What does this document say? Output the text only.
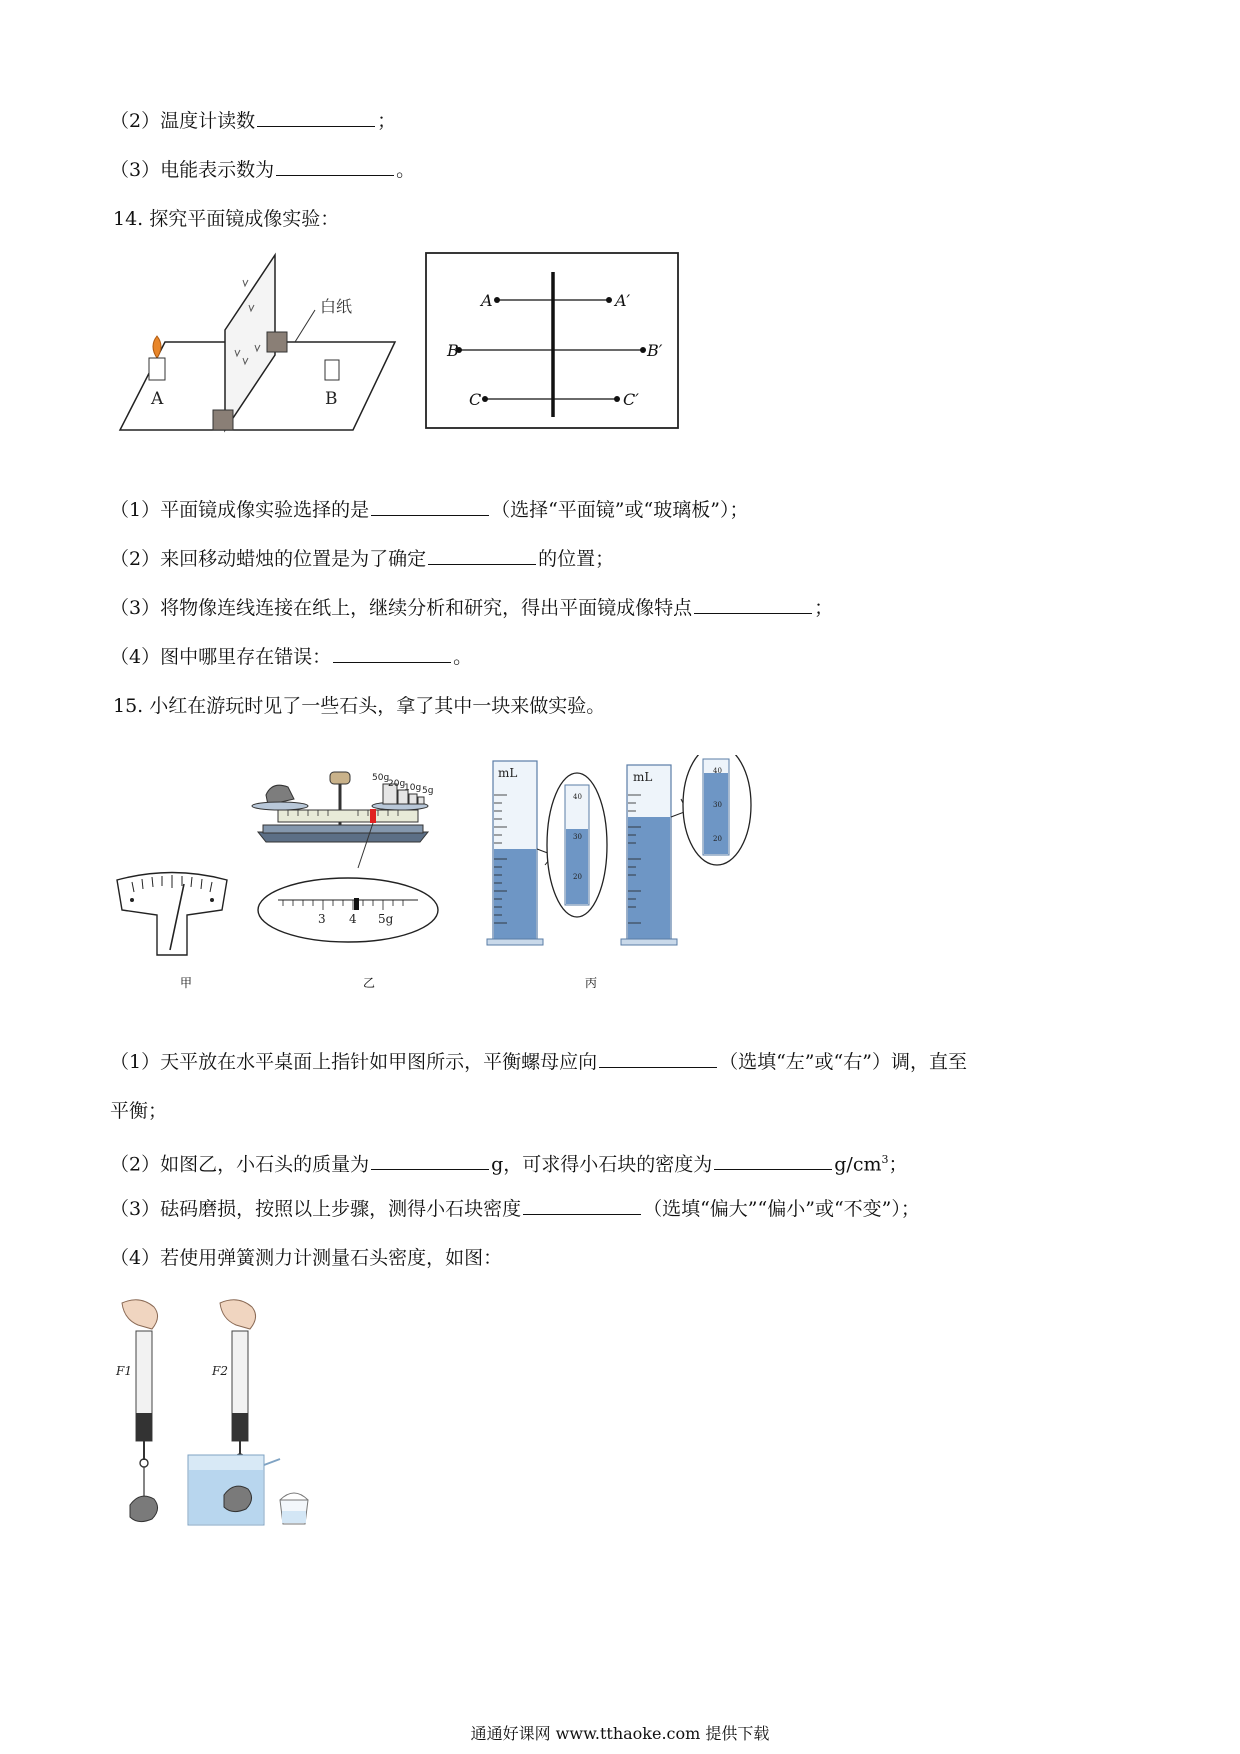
（2）温度计读数	；
（3）电能表示数为	。
14. 探究平面镜成像实验：
白纸
A	B
A	A′
B	B′
C	C′
（1）平面镜成像实验选择的是	（选择“平面镜”或“玻璃板”）；
（2）来回移动蜡烛的位置是为了确定	的位置；
（3）将物像连线连接在纸上，继续分析和研究，得出平面镜成像特点	；
（4）图中哪里存在错误：	。
15. 小红在游玩时见了一些石头，拿了其中一块来做实验。
甲
50g
20g
10g 5g
3 4 5g
乙
mL
40
30
20
mL	40
30
20
丙
（1）天平放在水平桌面上指针如甲图所示，平衡螺母应向	（选填“左”或“右”）调，直至
平衡；
（2）如图乙，小石头的质量为	g，可求得小石块的密度为	$g/cm^3$；
（3）砝码磨损，按照以上步骤，测得小石块密度	（选填“偏大”“偏小”或“不变”）；
（4）若使用弹簧测力计测量石头密度，如图：
F1	F2
通通好课网 www.tthaoke.com 提供下载
